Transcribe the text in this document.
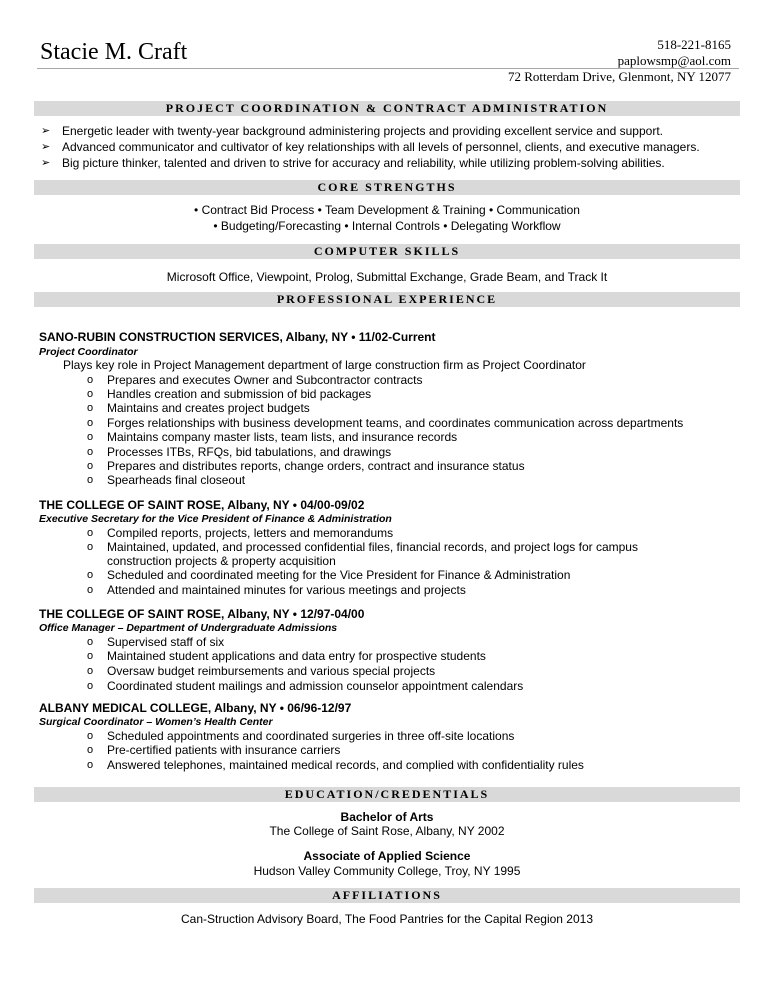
Stacie M. Craft	518-221-8165
paplowsmp@aol.com
72 Rotterdam Drive, Glenmont, NY 12077
PROJECT COORDINATION & CONTRACT ADMINISTRATION
➢ Energetic leader with twenty-year background administering projects and providing excellent service and support.
➢ Advanced communicator and cultivator of key relationships with all levels of personnel, clients, and executive managers.
➢ Big picture thinker, talented and driven to strive for accuracy and reliability, while utilizing problem-solving abilities.
CORE STRENGTHS
• Contract Bid Process • Team Development & Training • Communication
• Budgeting/Forecasting • Internal Controls • Delegating Workflow
COMPUTER SKILLS
Microsoft Office, Viewpoint, Prolog, Submittal Exchange, Grade Beam, and Track It
PROFESSIONAL EXPERIENCE
SANO-RUBIN CONSTRUCTION SERVICES, Albany, NY • 11/02-Current
Project Coordinator
Plays key role in Project Management department of large construction firm as Project Coordinator
o Prepares and executes Owner and Subcontractor contracts
o Handles creation and submission of bid packages
o Maintains and creates project budgets
o Forges relationships with business development teams, and coordinates communication across departments
o Maintains company master lists, team lists, and insurance records
o Processes ITBs, RFQs, bid tabulations, and drawings
o Prepares and distributes reports, change orders, contract and insurance status
o Spearheads final closeout
THE COLLEGE OF SAINT ROSE, Albany, NY • 04/00-09/02
Executive Secretary for the Vice President of Finance & Administration
o Compiled reports, projects, letters and memorandums
o Maintained, updated, and processed confidential files, financial records, and project logs for campus
construction projects & property acquisition
o Scheduled and coordinated meeting for the Vice President for Finance & Administration
o Attended and maintained minutes for various meetings and projects
THE COLLEGE OF SAINT ROSE, Albany, NY • 12/97-04/00
Office Manager – Department of Undergraduate Admissions
o Supervised staff of six
o Maintained student applications and data entry for prospective students
o Oversaw budget reimbursements and various special projects
o Coordinated student mailings and admission counselor appointment calendars
ALBANY MEDICAL COLLEGE, Albany, NY • 06/96-12/97
Surgical Coordinator – Women’s Health Center
o Scheduled appointments and coordinated surgeries in three off-site locations
o Pre-certified patients with insurance carriers
o Answered telephones, maintained medical records, and complied with confidentiality rules
EDUCATION/CREDENTIALS
Bachelor of Arts
The College of Saint Rose, Albany, NY 2002
Associate of Applied Science
Hudson Valley Community College, Troy, NY 1995
AFFILIATIONS
Can-Struction Advisory Board, The Food Pantries for the Capital Region 2013
